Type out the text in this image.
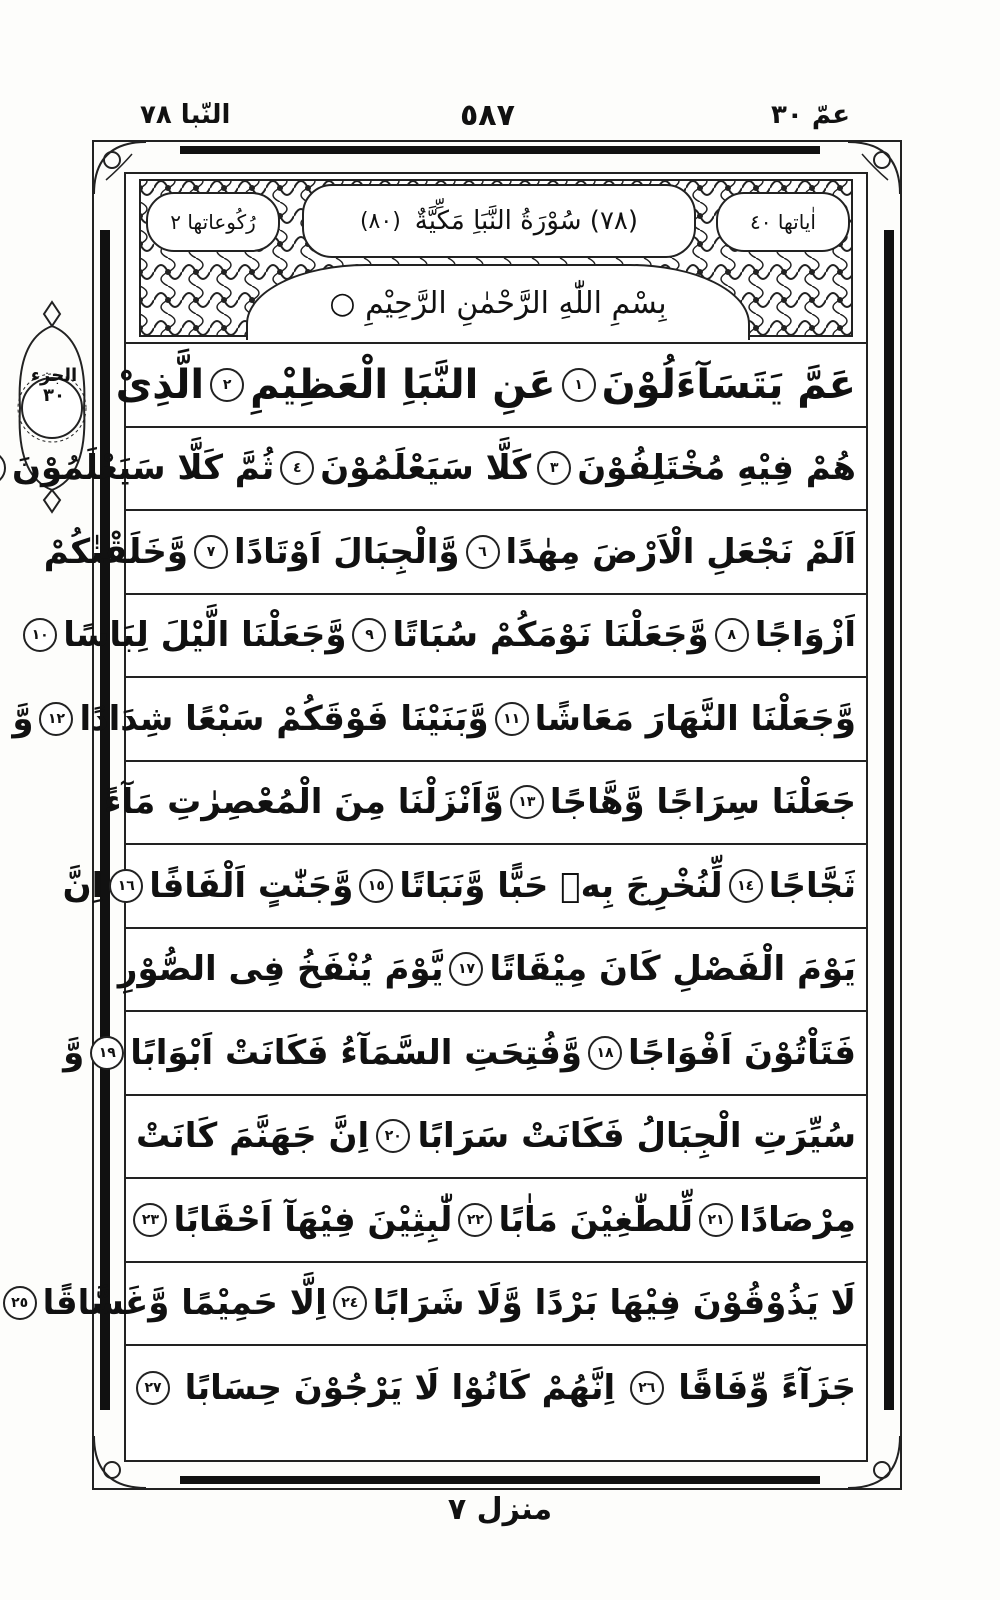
النّبا ٧٨	٥٨٧	عمّ ٣٠
الجزء ٣٠
رُكُوعاتها ٢	(٧٨) سُوْرَةُ النَّبَاِ مَكِّيَّةٌ
(٨٠)	اٰياتها ٤٠
بِسْمِ اللّٰهِ الرَّحْمٰنِ الرَّحِيْمِ ○
عَمَّ يَتَسَآءَلُوْنَ
١
عَنِ النَّبَاِ الْعَظِيْمِ
٢
الَّذِىْ
هُمْ فِيْهِ مُخْتَلِفُوْنَ
٣
كَلَّا سَيَعْلَمُوْنَ
٤
ثُمَّ كَلَّا سَيَعْلَمُوْنَ
اَلَمْ نَجْعَلِ الْاَرْضَ مِهٰدًا
٦
وَّالْجِبَالَ اَوْتَادًا
٧
وَّخَلَقْنٰكُمْ
اَزْوَاجًا
٨
وَّجَعَلْنَا نَوْمَكُمْ سُبَاتًا
٩
وَّجَعَلْنَا الَّيْلَ لِبَاسًا
١٠
وَّجَعَلْنَا النَّهَارَ مَعَاشًا
١١
وَّبَنَيْنَا فَوْقَكُمْ سَبْعًا شِدَادًا
١٢
وَّ
جَعَلْنَا سِرَاجًا وَّهَّاجًا
١٣
وَّاَنْزَلْنَا مِنَ الْمُعْصِرٰتِ مَآءً
ثَجَّاجًا
١٤
لِّنُخْرِجَ بِهٖ حَبًّا وَّنَبَاتًا
١٥
وَّجَنّٰتٍ اَلْفَافًا
١٦
اِنَّ
يَوْمَ الْفَصْلِ كَانَ مِيْقَاتًا
١٧
يَّوْمَ يُنْفَخُ فِى الصُّوْرِ
فَتَاْتُوْنَ اَفْوَاجًا
١٨
وَّفُتِحَتِ السَّمَآءُ فَكَانَتْ اَبْوَابًا
١٩
وَّ
سُيِّرَتِ الْجِبَالُ فَكَانَتْ سَرَابًا
٢٠
اِنَّ جَهَنَّمَ كَانَتْ
مِرْصَادًا
٢١
لِّلطّٰغِيْنَ مَاٰبًا
٢٢
لّٰبِثِيْنَ فِيْهَآ اَحْقَابًا
٢٣
لَا يَذُوْقُوْنَ فِيْهَا بَرْدًا وَّلَا شَرَابًا
٢٤
اِلَّا حَمِيْمًا وَّغَسَّاقًا
٢٥
جَزَآءً وِّفَاقًا
٢٦
اِنَّهُمْ كَانُوْا لَا يَرْجُوْنَ حِسَابًا
٢٧
منزل ٧
